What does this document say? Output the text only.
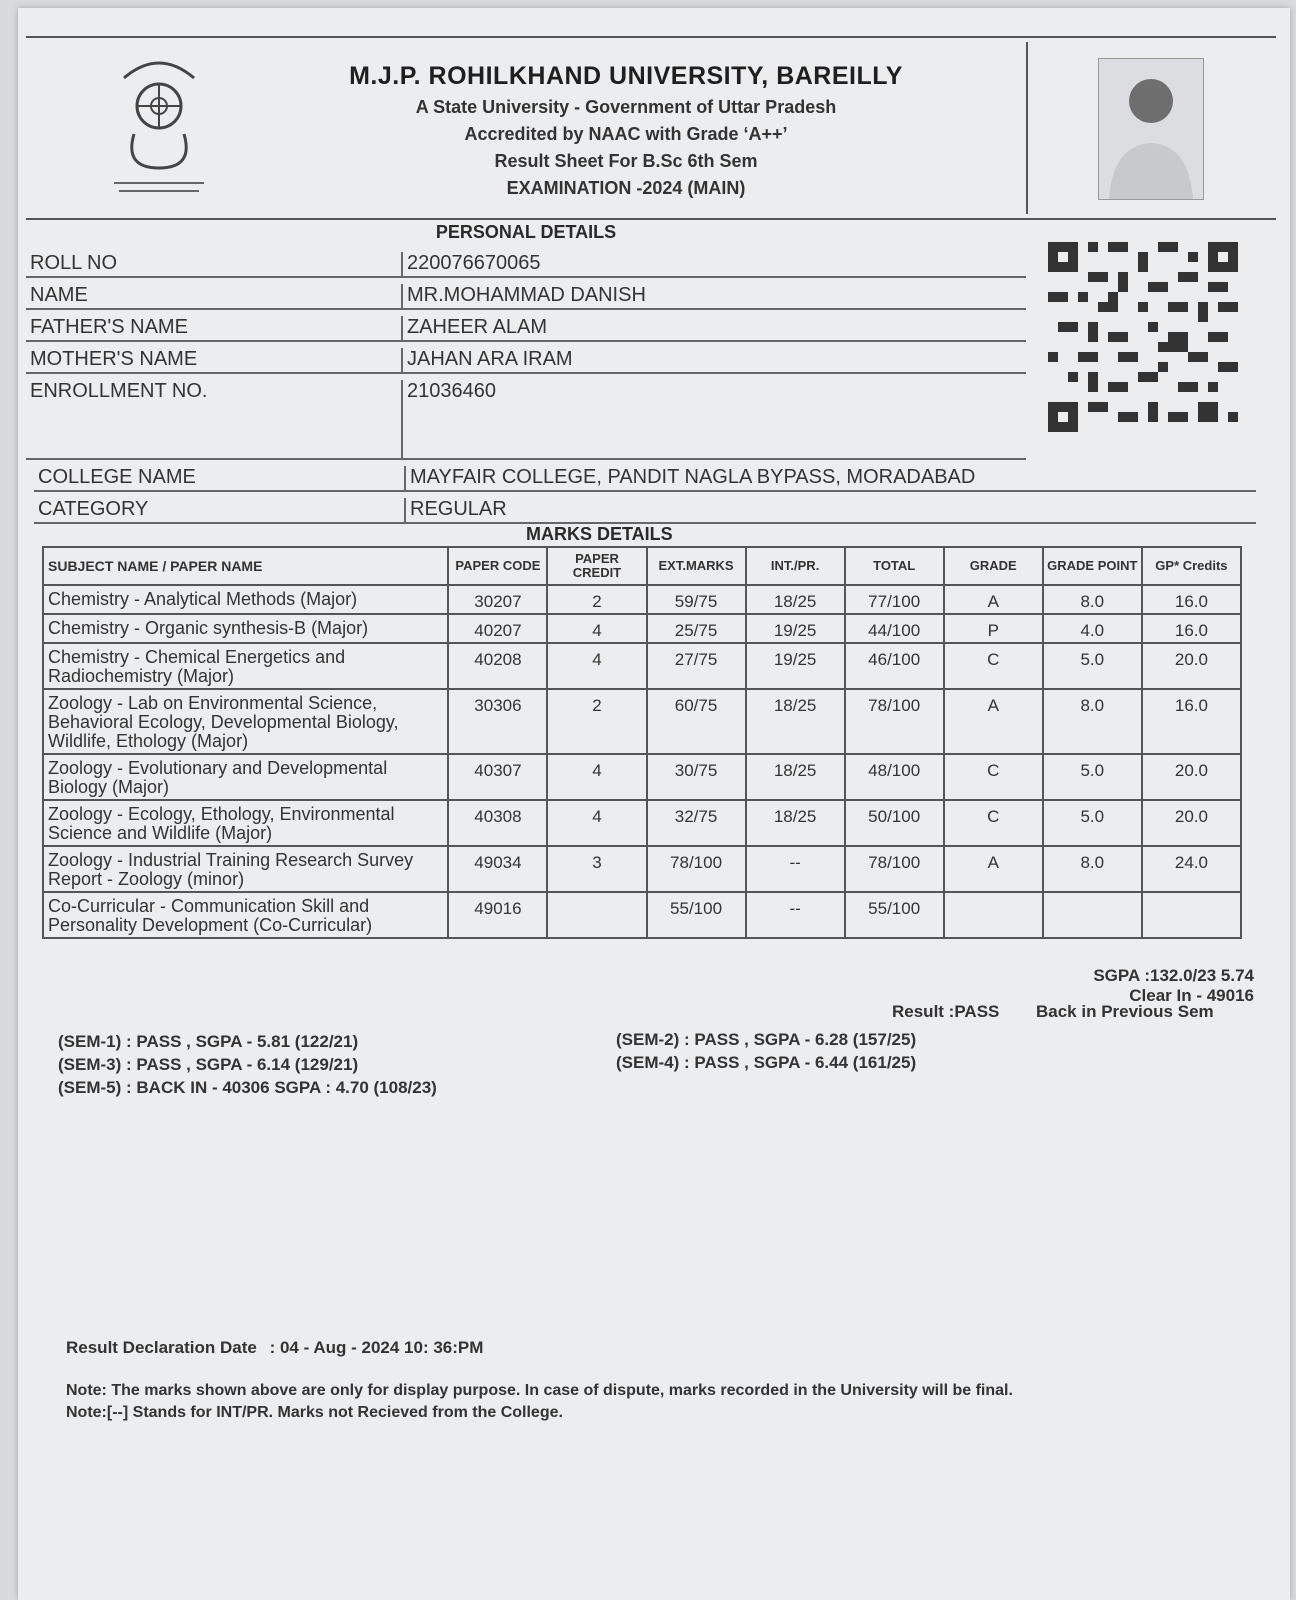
M.J.P. ROHILKHAND UNIVERSITY, BAREILLY
A State University - Government of Uttar Pradesh
Accredited by NAAC with Grade ‘A++’
Result Sheet For B.Sc 6th Sem
EXAMINATION -2024 (MAIN)
PERSONAL DETAILS
ROLL NO	220076670065
NAME	MR.MOHAMMAD DANISH
FATHER'S NAME	ZAHEER ALAM
MOTHER'S NAME	JAHAN ARA IRAM
ENROLLMENT NO.	21036460
COLLEGE NAME	MAYFAIR COLLEGE, PANDIT NAGLA BYPASS, MORADABAD
CATEGORY	REGULAR
MARKS DETAILS
SUBJECT NAME / PAPER NAME	PAPER CODE	PAPER CREDIT	EXT.MARKS	INT./PR.	TOTAL	GRADE	GRADE POINT	GP* Credits
Chemistry - Analytical Methods (Major)	30207	2	59/75	18/25	77/100	A	8.0	16.0
Chemistry - Organic synthesis-B (Major)	40207	4	25/75	19/25	44/100	P	4.0	16.0
Chemistry - Chemical Energetics and Radiochemistry (Major)	40208	4	27/75	19/25	46/100	C	5.0	20.0
Zoology - Lab on Environmental Science, Behavioral Ecology, Developmental Biology, Wildlife, Ethology (Major)	30306	2	60/75	18/25	78/100	A	8.0	16.0
Zoology - Evolutionary and Developmental Biology (Major)	40307	4	30/75	18/25	48/100	C	5.0	20.0
Zoology - Ecology, Ethology, Environmental Science and Wildlife (Major)	40308	4	32/75	18/25	50/100	C	5.0	20.0
Zoology - Industrial Training Research Survey Report - Zoology (minor)	49034	3	78/100	--	78/100	A	8.0	24.0
Co-Curricular - Communication Skill and Personality Development (Co-Curricular)	49016		55/100	--	55/100			
SGPA :132.0/23 5.74
Clear In - 49016
Result :PASS Back in Previous Sem
(SEM-1) : PASS , SGPA - 5.81 (122/21)
(SEM-3) : PASS , SGPA - 6.14 (129/21)
(SEM-5) : BACK IN - 40306 SGPA : 4.70 (108/23)
(SEM-2) : PASS , SGPA - 6.28 (157/25)
(SEM-4) : PASS , SGPA - 6.44 (161/25)
Result Declaration Date : 04 - Aug - 2024 10: 36:PM
Note: The marks shown above are only for display purpose. In case of dispute, marks recorded in the University will be final.
Note:[--] Stands for INT/PR. Marks not Recieved from the College.
